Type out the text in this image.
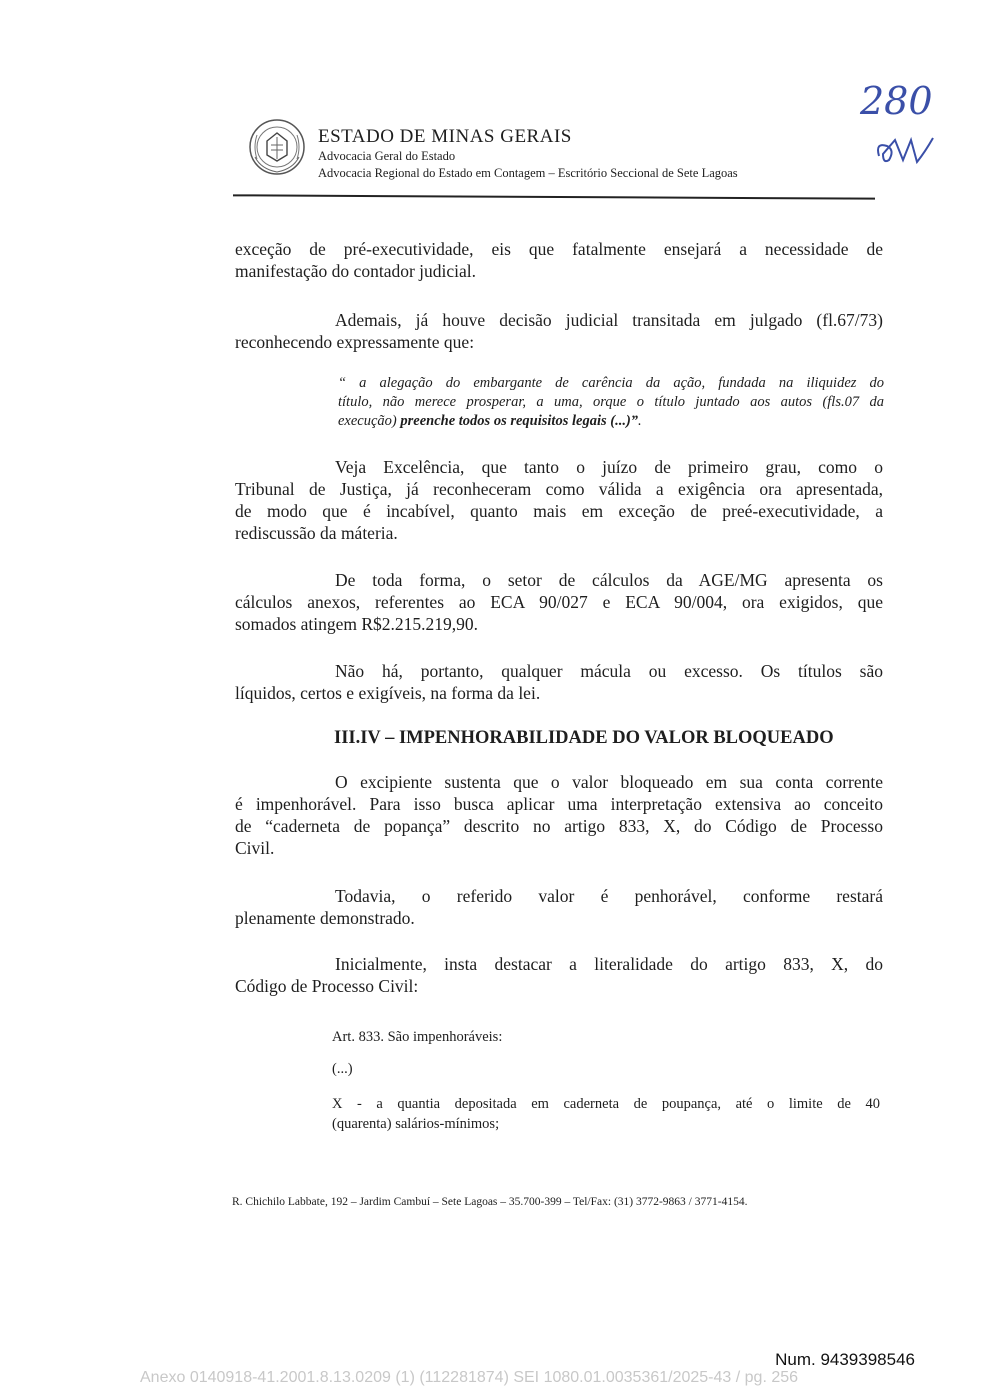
ESTADO DE MINAS GERAIS
Advocacia Geral do Estado
Advocacia Regional do Estado em Contagem – Escritório Seccional de Sete Lagoas
280
exceção de pré-executividade, eis que fatalmente ensejará a necessidade de
manifestação do contador judicial.
Ademais, já houve decisão judicial transitada em julgado (fl.67/73)
reconhecendo expressamente que:
“ a alegação do embargante de carência da ação, fundada na iliquidez do
título, não merece prosperar, a uma, orque o título juntado aos autos (fls.07 da
execução) preenche todos os requisitos legais (...)”.
Veja Excelência, que tanto o juízo de primeiro grau, como o
Tribunal de Justiça, já reconheceram como válida a exigência ora apresentada,
de modo que é incabível, quanto mais em exceção de preé-executividade, a
rediscussão da máteria.
De toda forma, o setor de cálculos da AGE/MG apresenta os
cálculos anexos, referentes ao ECA 90/027 e ECA 90/004, ora exigidos, que
somados atingem R$2.215.219,90.
Não há, portanto, qualquer mácula ou excesso. Os títulos são
líquidos, certos e exigíveis, na forma da lei.
III.IV – IMPENHORABILIDADE DO VALOR BLOQUEADO
O excipiente sustenta que o valor bloqueado em sua conta corrente
é impenhorável. Para isso busca aplicar uma interpretação extensiva ao conceito
de “caderneta de popança” descrito no artigo 833, X, do Código de Processo
Civil.
Todavia, o referido valor é penhorável, conforme restará
plenamente demonstrado.
Inicialmente, insta destacar a literalidade do artigo 833, X, do
Código de Processo Civil:
Art. 833. São impenhoráveis:
(...)
X - a quantia depositada em caderneta de poupança, até o limite de 40
(quarenta) salários-mínimos;
R. Chichilo Labbate, 192 – Jardim Cambuí – Sete Lagoas – 35.700-399 – Tel/Fax: (31) 3772-9863 / 3771-4154.
Num. 9439398546
Anexo 0140918-41.2001.8.13.0209 (1) (112281874) SEI 1080.01.0035361/2025-43 / pg. 256
